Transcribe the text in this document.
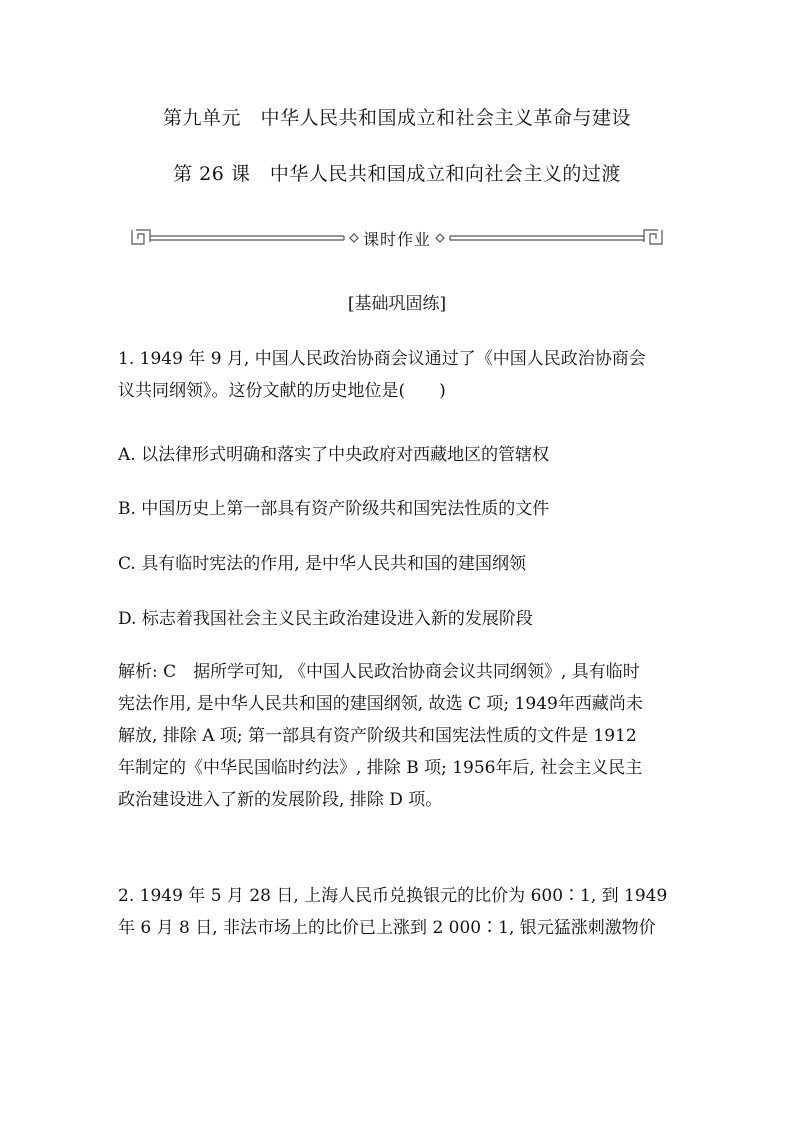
第九单元　中华人民共和国成立和社会主义革命与建设
第 26 课　中华人民共和国成立和向社会主义的过渡
课时作业
[基础巩固练]
1. 1949 年 9 月, 中国人民政治协商会议通过了《中国人民政治协商会
议共同纲领》。这份文献的历史地位是(　　)
A. 以法律形式明确和落实了中央政府对西藏地区的管辖权
B. 中国历史上第一部具有资产阶级共和国宪法性质的文件
C. 具有临时宪法的作用, 是中华人民共和国的建国纲领
D. 标志着我国社会主义民主政治建设进入新的发展阶段
解析: C　据所学可知, 《中国人民政治协商会议共同纲领》, 具有临时
宪法作用, 是中华人民共和国的建国纲领, 故选 C 项; 1949年西藏尚未
解放, 排除 A 项; 第一部具有资产阶级共和国宪法性质的文件是 1912
年制定的《中华民国临时约法》, 排除 B 项; 1956年后, 社会主义民主
政治建设进入了新的发展阶段, 排除 D 项。
2. 1949 年 5 月 28 日, 上海人民币兑换银元的比价为 600∶1, 到 1949
年 6 月 8 日, 非法市场上的比价已上涨到 2 000∶1, 银元猛涨刺激物价
